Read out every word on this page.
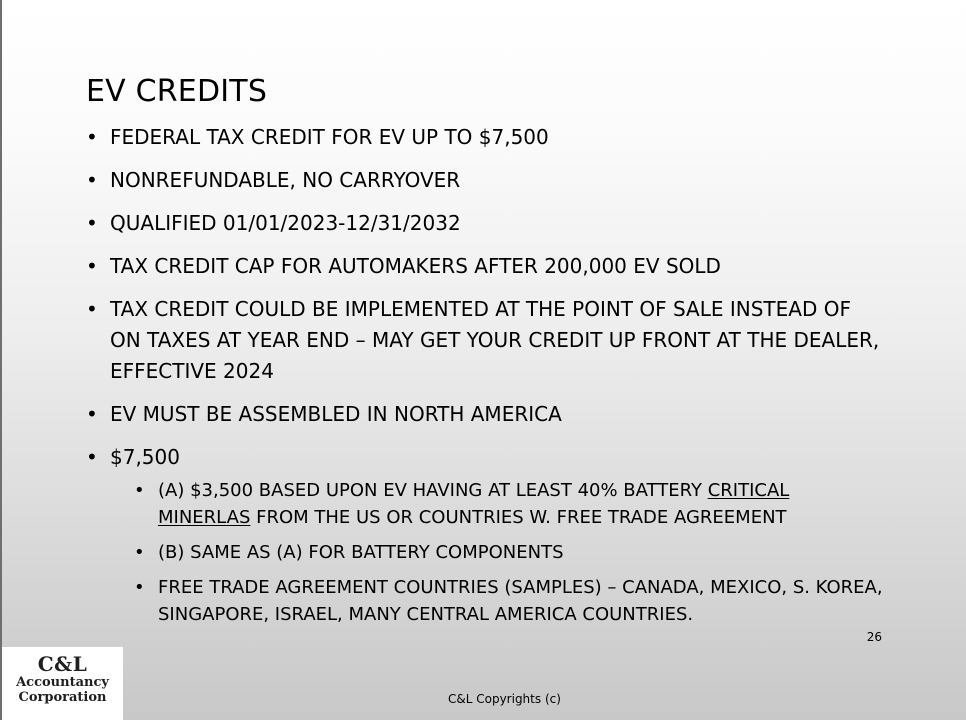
EV CREDITS
• FEDERAL TAX CREDIT FOR EV UP TO $7,500
• NONREFUNDABLE, NO CARRYOVER
• QUALIFIED 01/01/2023-12/31/2032
• TAX CREDIT CAP FOR AUTOMAKERS AFTER 200,000 EV SOLD
• TAX CREDIT COULD BE IMPLEMENTED AT THE POINT OF SALE INSTEAD OF ON TAXES AT YEAR END – MAY GET YOUR CREDIT UP FRONT AT THE DEALER, EFFECTIVE 2024
• EV MUST BE ASSEMBLED IN NORTH AMERICA
• $7,500
• (A) $3,500 BASED UPON EV HAVING AT LEAST 40% BATTERY CRITICAL MINERLAS FROM THE US OR COUNTRIES W. FREE TRADE AGREEMENT
• (B) SAME AS (A) FOR BATTERY COMPONENTS
• FREE TRADE AGREEMENT COUNTRIES (SAMPLES) – CANADA, MEXICO, S. KOREA, SINGAPORE, ISRAEL, MANY CENTRAL AMERICA COUNTRIES.
26
C&L Copyrights (c)
C&L
Accountancy
Corporation
